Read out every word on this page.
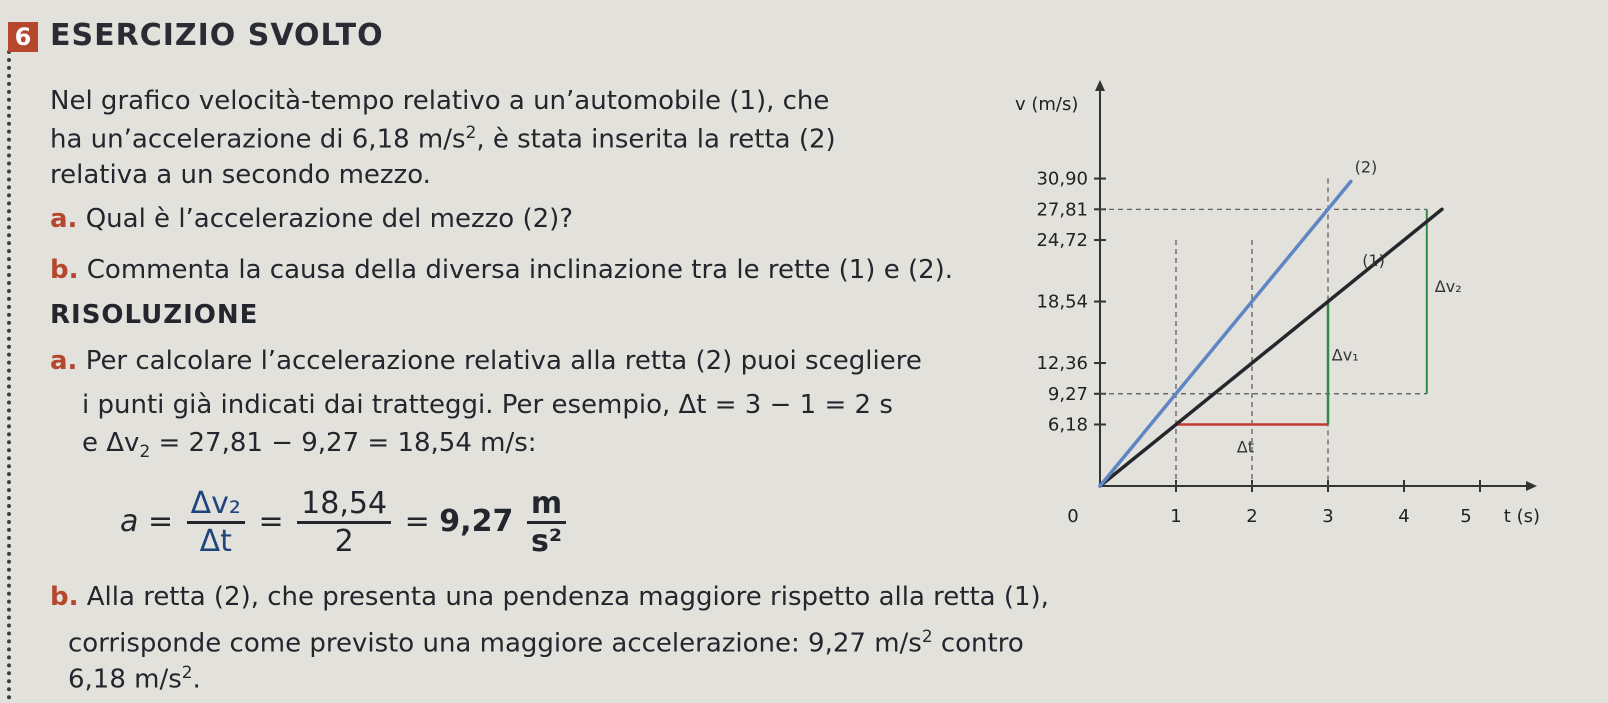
6 ESERCIZIO SVOLTO
Nel grafico velocità-tempo relativo a un’automobile (1), che
ha un’accelerazione di 6,18 $m/s^2$, è stata inserita la retta (2)
relativa a un secondo mezzo.
a. Qual è l’accelerazione del mezzo (2)?
b. Commenta la causa della diversa inclinazione tra le rette (1) e (2).
RISOLUZIONE
a. Per calcolare l’accelerazione relativa alla retta (2) puoi scegliere
i punti già indicati dai tratteggi. Per esempio, Δt = 3 − 1 = 2 s
e $\Delta v_2 = 27,81 - 9,27 = 18,54$ m/s:
$a = \frac{\text{Δv₂}}{\Delta t} = \frac{18,54}{2} = 9,27 \frac{m}{\text{s²}}$
b. Alla retta (2), che presenta una pendenza maggiore rispetto alla retta (1),
corrisponde come previsto una maggiore accelerazione: 9,27 $m/s^2$ contro
6,18 $m/s^2$.
v (m/s)
t (s)
0	1	2	3	4	5
6,18
9,27
12,36
18,54
24,72
27,81
30,90
Δv₂
Δt
Δv₁
(1)
(2)
